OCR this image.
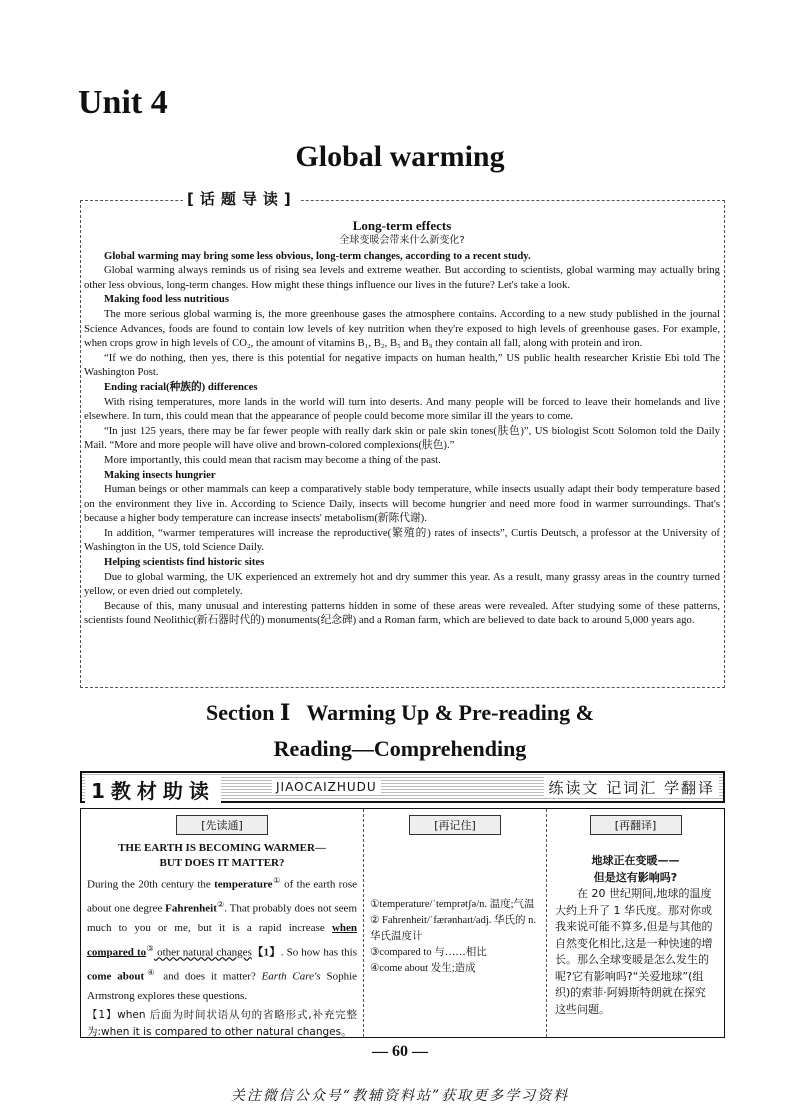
Unit 4
Global warming
[话题导读]

Long-term effects

全球变暖会带来什么新变化?

Global warming may bring some less obvious, long-term changes, according to a recent study.

Global warming always reminds us of rising sea levels and extreme weather. But according to scientists, global warming may actually bring other less obvious, long-term changes. How might these things influence our lives in the future? Let's take a look.

Making food less nutritious

The more serious global warming is, the more greenhouse gases the atmosphere contains. According to a new study published in the journal Science Advances, foods are found to contain low levels of key nutrition when they're exposed to high levels of greenhouse gases. For example, when crops grow in high levels of CO₂, the amount of vitamins B₁, B₂, B₅ and B₉ they contain all fall, along with protein and iron.

“If we do nothing, then yes, there is this potential for negative impacts on human health,” US public health researcher Kristie Ebi told The Washington Post.

Ending racial(种族的) differences

With rising temperatures, more lands in the world will turn into deserts. And many people will be forced to leave their homelands and live elsewhere. In turn, this could mean that the appearance of people could become more similar ill the years to come.

“In just 125 years, there may be far fewer people with really dark skin or pale skin tones(肤色)”, US biologist Scott Solomon told the Daily Mail. “More and more people will have olive and brown-colored complexions(肤色).”

More importantly, this could mean that racism may become a thing of the past.

Making insects hungrier

Human beings or other mammals can keep a comparatively stable body temperature, while insects usually adapt their body temperature based on the environment they live in. According to Science Daily, insects will become hungrier and need more food in warmer surroundings. That's because a higher body temperature can increase insects' metabolism(新陈代谢).

In addition, “warmer temperatures will increase the reproductive(繁殖的) rates of insects”, Curtis Deutsch, a professor at the University of Washington in the US, told Science Daily.

Helping scientists find historic sites

Due to global warming, the UK experienced an extremely hot and dry summer this year. As a result, many grassy areas in the country turned yellow, or even dried out completely.

Because of this, many unusual and interesting patterns hidden in some of these areas were revealed. After studying some of these patterns, scientists found Neolithic(新石器时代的) monuments(纪念碑) and a Roman farm, which are believed to date back to around 5,000 years ago.

Section Ⅰ   Warming Up & Pre-reading &
Reading—Comprehending
1教材助读	JIAOCAIZHUDU	练读文 记词汇 学翻译
[先读通]
THE EARTH IS BECOMING WARMER—
BUT DOES IT MATTER?
During the 20th century the temperature① of the earth rose about one degree Fahrenheit②. That probably does not seem much to you or me, but it is a rapid increase when compared to③ other natural changes【1】. So how has this come about④ and does it matter? Earth Care's Sophie Armstrong explores these questions.
【1】when 后面为时间状语从句的省略形式,补充完整为:when it is compared to other natural changes。
[再记住]
①temperature/ˈtemprətʃə/n. 温度;气温
② Fahrenheit/ˈfærənhaɪt/adj. 华氏的 n. 华氏温度计
③compared to 与……相比
④come about 发生;造成
[再翻译]
地球正在变暖——
但是这有影响吗?
在 20 世纪期间,地球的温度大约上升了 1 华氏度。那对你或我来说可能不算多,但是与其他的自然变化相比,这是一种快速的增长。那么全球变暖是怎么发生的呢?它有影响吗?“关爱地球”(组织)的索菲·阿姆斯特朗就在探究这些问题。
— 60 —
关注微信公众号“教辅资料站”获取更多学习资料
